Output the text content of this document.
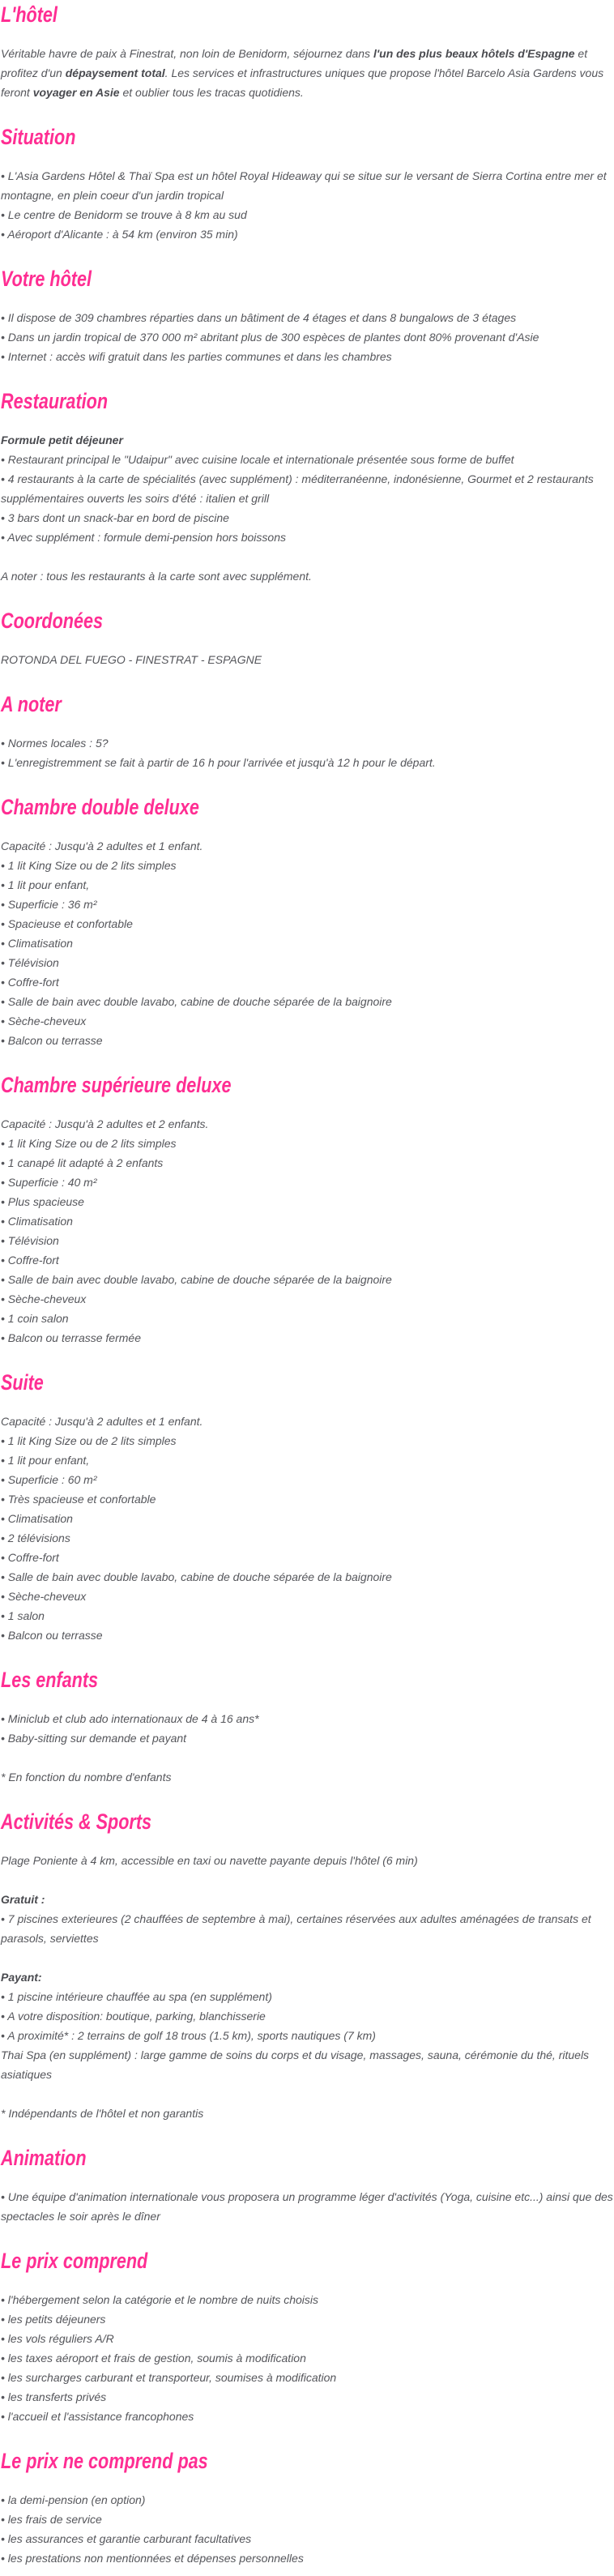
L'hôtel

Véritable havre de paix à Finestrat, non loin de Benidorm, séjournez dans l'un des plus beaux hôtels d'Espagne et profitez d'un dépaysement total. Les services et infrastructures uniques que propose l'hôtel Barcelo Asia Gardens vous feront voyager en Asie et oublier tous les tracas quotidiens.

Situation
• L'Asia Gardens Hôtel & Thaï Spa est un hôtel Royal Hideaway qui se situe sur le versant de Sierra Cortina entre mer et montagne, en plein coeur d'un jardin tropical
• Le centre de Benidorm se trouve à 8 km au sud
• Aéroport d'Alicante : à 54 km (environ 35 min)
Votre hôtel
• Il dispose de 309 chambres réparties dans un bâtiment de 4 étages et dans 8 bungalows de 3 étages
• Dans un jardin tropical de 370 000 m² abritant plus de 300 espèces de plantes dont 80% provenant d'Asie
• Internet : accès wifi gratuit dans les parties communes et dans les chambres
Restauration

Formule petit déjeuner

• Restaurant principal le "Udaipur" avec cuisine locale et internationale présentée sous forme de buffet
• 4 restaurants à la carte de spécialités (avec supplément) : méditerranéenne, indonésienne, Gourmet et 2 restaurants supplémentaires ouverts les soirs d'été : italien et grill
• 3 bars dont un snack-bar en bord de piscine
• Avec supplément : formule demi-pension hors boissons

A noter : tous les restaurants à la carte sont avec supplément.

Coordonées

ROTONDA DEL FUEGO - FINESTRAT - ESPAGNE

A noter
• Normes locales : 5?
• L'enregistremment se fait à partir de 16 h pour l'arrivée et jusqu'à 12 h pour le départ.
Chambre double deluxe

Capacité : Jusqu'à 2 adultes et 1 enfant.

• 1 lit King Size ou de 2 lits simples
• 1 lit pour enfant,
• Superficie : 36 m²
• Spacieuse et confortable
• Climatisation
• Télévision
• Coffre-fort
• Salle de bain avec double lavabo, cabine de douche séparée de la baignoire
• Sèche-cheveux
• Balcon ou terrasse
Chambre supérieure deluxe

Capacité : Jusqu'à 2 adultes et 2 enfants.

• 1 lit King Size ou de 2 lits simples
• 1 canapé lit adapté à 2 enfants
• Superficie : 40 m²
• Plus spacieuse
• Climatisation
• Télévision
• Coffre-fort
• Salle de bain avec double lavabo, cabine de douche séparée de la baignoire
• Sèche-cheveux
• 1 coin salon
• Balcon ou terrasse fermée
Suite

Capacité : Jusqu'à 2 adultes et 1 enfant.

• 1 lit King Size ou de 2 lits simples
• 1 lit pour enfant,
• Superficie : 60 m²
• Très spacieuse et confortable
• Climatisation
• 2 télévisions
• Coffre-fort
• Salle de bain avec double lavabo, cabine de douche séparée de la baignoire
• Sèche-cheveux
• 1 salon
• Balcon ou terrasse
Les enfants
• Miniclub et club ado internationaux de 4 à 16 ans*
• Baby-sitting sur demande et payant

* En fonction du nombre d'enfants

Activités & Sports

Plage Poniente à 4 km, accessible en taxi ou navette payante depuis l'hôtel (6 min)

Gratuit :

• 7 piscines exterieures (2 chauffées de septembre à mai), certaines réservées aux adultes aménagées de transats et parasols, serviettes

Payant:

• 1 piscine intérieure chauffée au spa (en supplément)
• A votre disposition: boutique, parking, blanchisserie
• A proximité* : 2 terrains de golf 18 trous (1.5 km), sports nautiques (7 km)

Thai Spa (en supplément) : large gamme de soins du corps et du visage, massages, sauna, cérémonie du thé, rituels asiatiques

* Indépendants de l'hôtel et non garantis

Animation
• Une équipe d'animation internationale vous proposera un programme léger d'activités (Yoga, cuisine etc...) ainsi que des spectacles le soir après le dîner
Le prix comprend
• l'hébergement selon la catégorie et le nombre de nuits choisis
• les petits déjeuners
• les vols réguliers A/R
• les taxes aéroport et frais de gestion, soumis à modification
• les surcharges carburant et transporteur, soumises à modification
• les transferts privés
• l'accueil et l'assistance francophones
Le prix ne comprend pas
• la demi-pension (en option)
• les frais de service
• les assurances et garantie carburant facultatives
• les prestations non mentionnées et dépenses personnelles
